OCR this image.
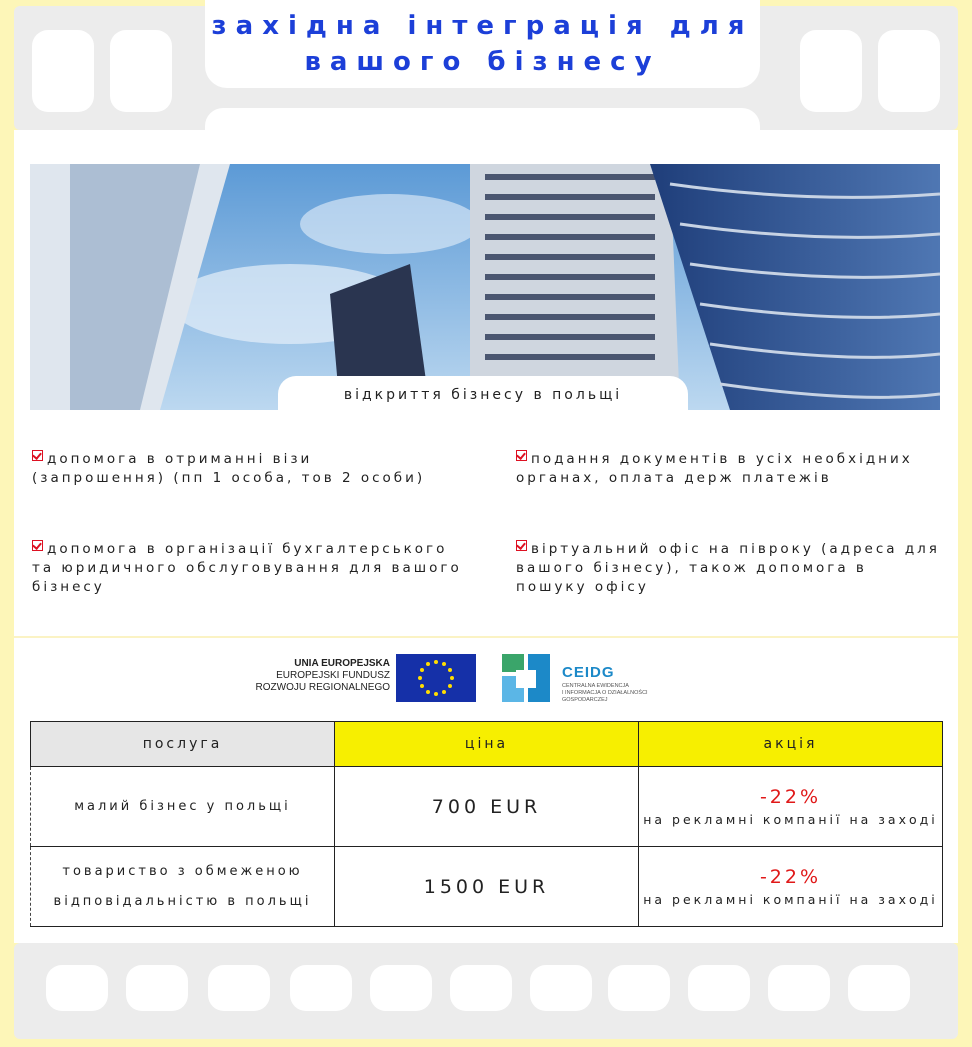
західна інтеграція для
вашого бізнесу
відкриття бізнесу в польщі
допомога в отриманні візи (запрошення) (пп 1 особа, тов 2 особи)
подання документів в усіх необхідних органах, оплата держ платежів
допомога в організації бухгалтерського та юридичного обслуговування для вашого бізнесу
віртуальний офіс на півроку (адреса для вашого бізнесу), також допомога в пошуку офісу
UNIA EUROPEJSKA
EUROPEJSKI FUNDUSZ
ROZWOJU REGIONALNEGO
CEIDG
CENTRALNA EWIDENCJA
I INFORMACJA O DZIAŁALNOŚCI
GOSPODARCZEJ
послуга	ціна	акція
малий бізнес у польщі	700 EUR	-22%
на рекламні компанії на заході

товариство з обмеженою відповідальністю в польщі	1500 EUR	-22%
на рекламні компанії на заході
